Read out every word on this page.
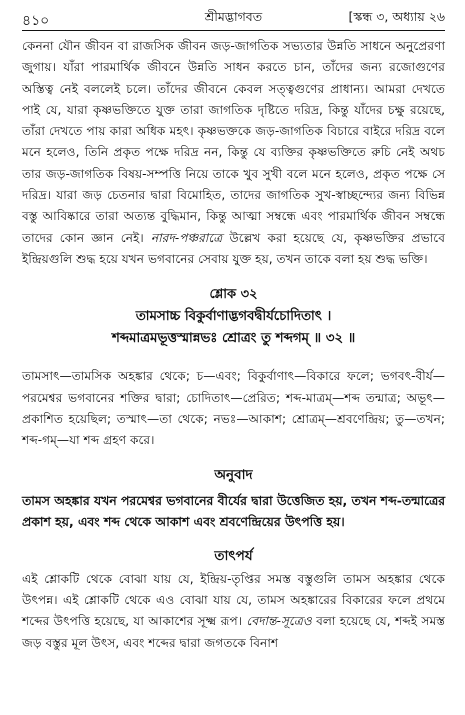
৪১০	শ্রীমদ্ভাগবত	[স্কন্ধ ৩, অধ্যায় ২৬

কেননা যৌন জীবন বা রাজসিক জীবন জড়-জাগতিক সভ্যতার উন্নতি সাধনে অনুপ্রেরণা জুগায়। যাঁরা পারমার্থিক জীবনে উন্নতি সাধন করতে চান, তাঁদের জন্য রজোগুণের অস্তিত্ব নেই বললেই চলে। তাঁদের জীবনে কেবল সত্ত্বগুণের প্রাধান্য। আমরা দেখতে পাই যে, যারা কৃষ্ণভক্তিতে যুক্ত তারা জাগতিক দৃষ্টিতে দরিদ্র, কিন্তু যাঁদের চক্ষু রয়েছে, তাঁরা দেখতে পায় কারা অধিক মহৎ। কৃষ্ণভক্তকে জড়-জাগতিক বিচারে বাইরে দরিদ্র বলে মনে হলেও, তিনি প্রকৃত পক্ষে দরিদ্র নন, কিন্তু যে ব্যক্তির কৃষ্ণভক্তিতে রুচি নেই অথচ তার জড়-জাগতিক বিষয়-সম্পত্তি নিয়ে তাকে খুব সুখী বলে মনে হলেও, প্রকৃত পক্ষে সে দরিদ্র। যারা জড় চেতনার দ্বারা বিমোহিত, তাদের জাগতিক সুখ-স্বাচ্ছন্দ্যের জন্য বিভিন্ন বস্তু আবিষ্কারে তারা অত্যন্ত বুদ্ধিমান, কিন্তু আত্মা সম্বন্ধে এবং পারমার্থিক জীবন সম্বন্ধে তাদের কোন জ্ঞান নেই। নারদ-পঞ্চরাত্রে উল্লেখ করা হয়েছে যে, কৃষ্ণভক্তির প্রভাবে ইন্দ্রিয়গুলি শুদ্ধ হয়ে যখন ভগবানের সেবায় যুক্ত হয়, তখন তাকে বলা হয় শুদ্ধ ভক্তি।

শ্লোক ৩২
তামসাচ্চ বিকুর্বাণাদ্ভগবদ্বীর্যচোদিতাৎ ।
শব্দমাত্রমভূত্তস্মান্নভঃ শ্রোত্রং তু শব্দগম্‌ ॥ ৩২ ॥

তামসাৎ—তামসিক অহঙ্কার থেকে; চ—এবং; বিকুর্বাণাৎ—বিকারে ফলে; ভগবৎ-বীর্য—পরমেশ্বর ভগবানের শক্তির দ্বারা; চোদিতাৎ—প্রেরিত; শব্দ-মাত্রম্‌—শব্দ তন্মাত্র; অভূৎ—প্রকাশিত হয়েছিল; তস্মাৎ—তা থেকে; নভঃ—আকাশ; শ্রোত্রম্‌—শ্রবণেন্দ্রিয়; তু—তখন; শব্দ-গম্‌—যা শব্দ গ্রহণ করে।

অনুবাদ

তামস অহঙ্কার যখন পরমেশ্বর ভগবানের বীর্যের দ্বারা উত্তেজিত হয়, তখন শব্দ-তন্মাত্রের প্রকাশ হয়, এবং শব্দ থেকে আকাশ এবং শ্রবণেন্দ্রিয়ের উৎপত্তি হয়।

তাৎপর্য

এই শ্লোকটি থেকে বোঝা যায় যে, ইন্দ্রিয়-তৃপ্তির সমস্ত বস্তুগুলি তামস অহঙ্কার থেকে উৎপন্ন। এই শ্লোকটি থেকে এও বোঝা যায় যে, তামস অহঙ্কারের বিকারের ফলে প্রথমে শব্দের উৎপত্তি হয়েছে, যা আকাশের সূক্ষ্ম রূপ। বেদান্ত-সূত্রেও বলা হয়েছে যে, শব্দই সমস্ত জড় বস্তুর মূল উৎস, এবং শব্দের দ্বারা জগতকে বিনাশ
